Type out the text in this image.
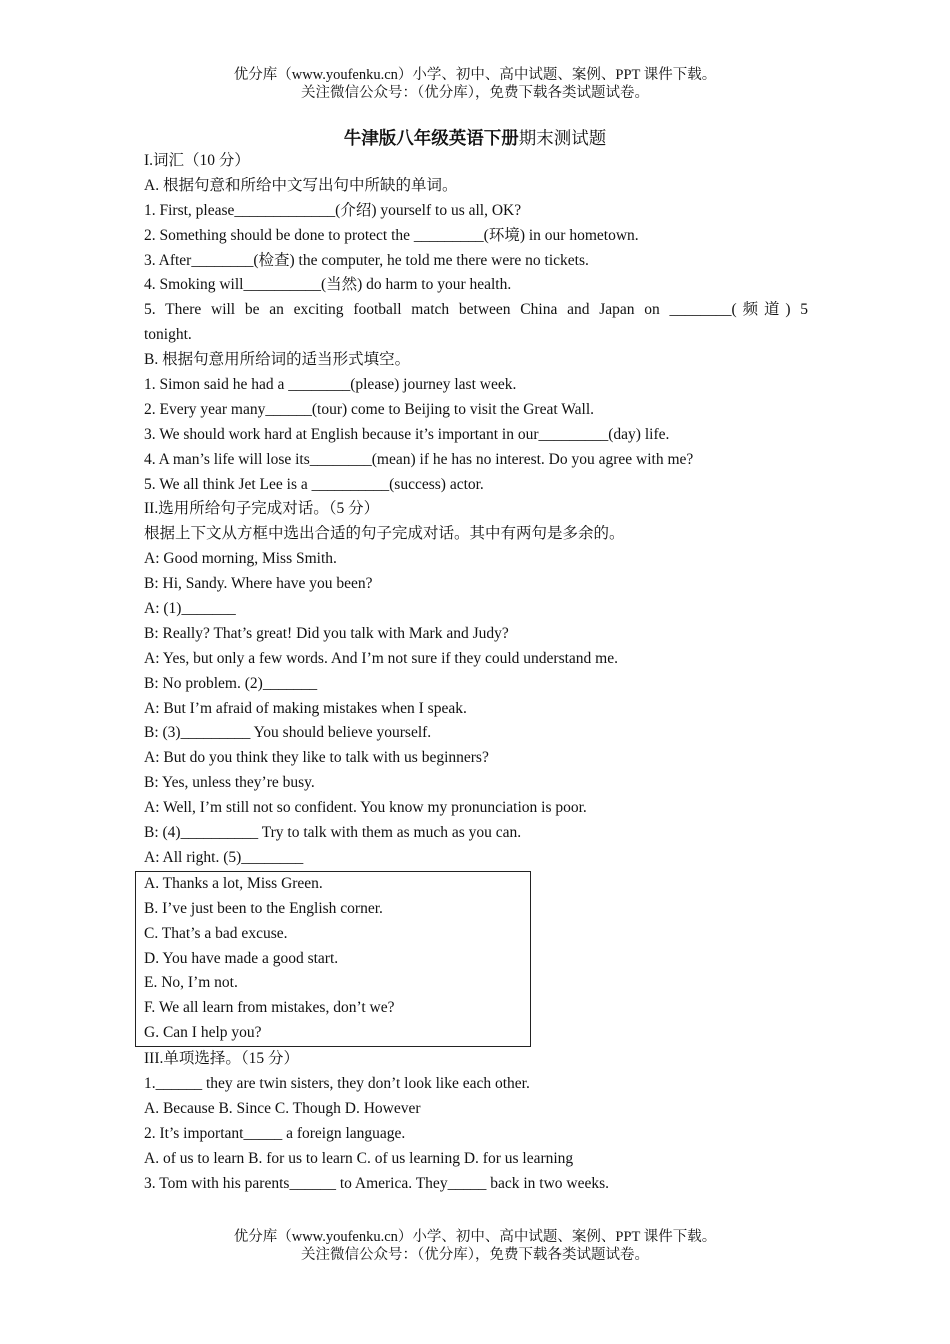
优分库（www.youfenku.cn）小学、初中、高中试题、案例、PPT 课件下载。
关注微信公众号：（优分库），免费下载各类试题试卷。
牛津版八年级英语下册期末测试题
I.词汇（10 分）
A. 根据句意和所给中文写出句中所缺的单词。
1. First, please_____________(介绍) yourself to us all, OK?
2. Something should be done to protect the _________(环境) in our hometown.
3. After________(检查) the computer, he told me there were no tickets.
4. Smoking will__________(当然) do harm to your health.
5. There will be an exciting football match between China and Japan on ________(频道) 5
tonight.
B. 根据句意用所给词的适当形式填空。
1. Simon said he had a ________(please) journey last week.
2. Every year many______(tour) come to Beijing to visit the Great Wall.
3. We should work hard at English because it’s important in our_________(day) life.
4. A man’s life will lose its________(mean) if he has no interest. Do you agree with me?
5. We all think Jet Lee is a __________(success) actor.
II.选用所给句子完成对话。（5 分）
根据上下文从方框中选出合适的句子完成对话。其中有两句是多余的。
A: Good morning, Miss Smith.
B: Hi, Sandy. Where have you been?
A: (1)_______
B: Really? That’s great! Did you talk with Mark and Judy?
A: Yes, but only a few words. And I’m not sure if they could understand me.
B: No problem. (2)_______
A: But I’m afraid of making mistakes when I speak.
B: (3)_________ You should believe yourself.
A: But do you think they like to talk with us beginners?
B: Yes, unless they’re busy.
A: Well, I’m still not so confident. You know my pronunciation is poor.
B: (4)__________ Try to talk with them as much as you can.
A: All right. (5)________
A. Thanks a lot, Miss Green.
B. I’ve just been to the English corner.
C. That’s a bad excuse.
D. You have made a good start.
E. No, I’m not.
F. We all learn from mistakes, don’t we?
G. Can I help you?
III.单项选择。（15 分）
1.______ they are twin sisters, they don’t look like each other.
A. Because B. Since C. Though D. However
2. It’s important_____ a foreign language.
A. of us to learn B. for us to learn C. of us learning D. for us learning
3. Tom with his parents______ to America. They_____ back in two weeks.
优分库（www.youfenku.cn）小学、初中、高中试题、案例、PPT 课件下载。
关注微信公众号：（优分库），免费下载各类试题试卷。
